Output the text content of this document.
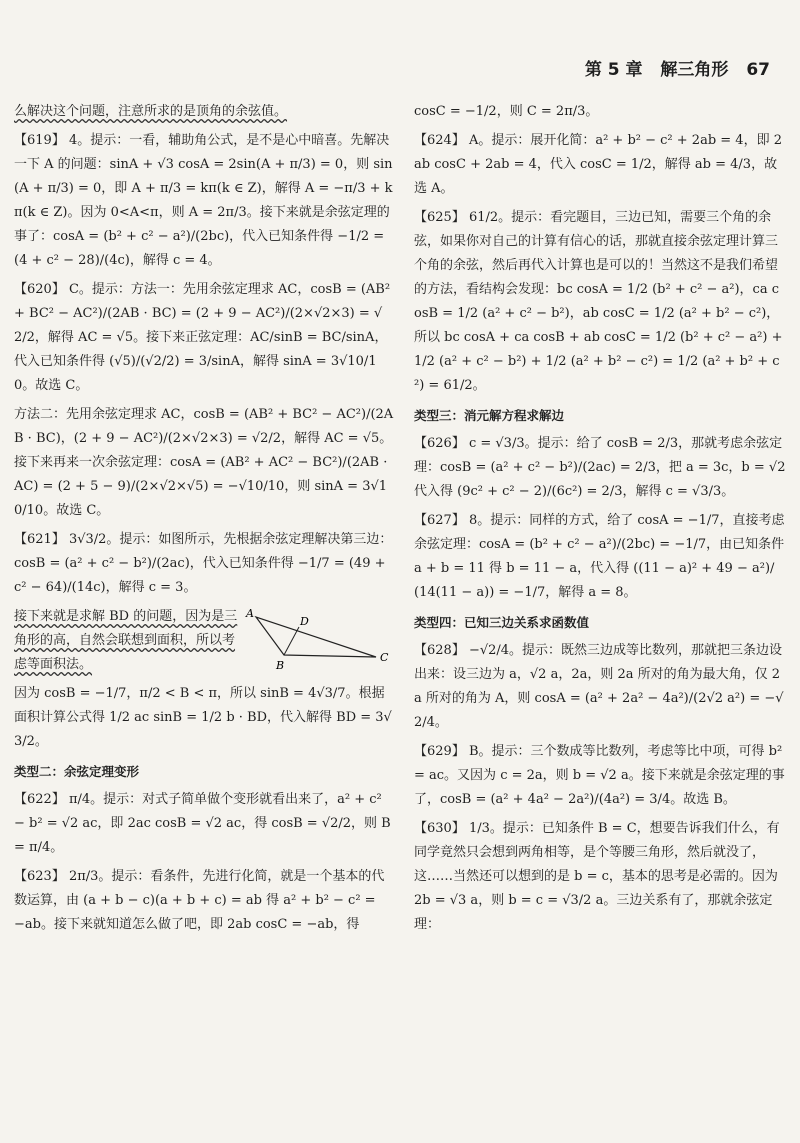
第 5 章 解三角形 67

么解决这个问题，注意所求的是顶角的余弦值。

【619】 4。提示：一看，辅助角公式，是不是心中暗喜。先解决一下 A 的问题：sinA + √3 cosA = 2sin(A + π/3) = 0，则 sin(A + π/3) = 0，即 A + π/3 = kπ(k ∈ Z)，解得 A = −π/3 + kπ(k ∈ Z)。因为 0<A<π，则 A = 2π/3。接下来就是余弦定理的事了：cosA = (b² + c² − a²)/(2bc)，代入已知条件得 −1/2 = (4 + c² − 28)/(4c)，解得 c = 4。

【620】 C。提示：方法一：先用余弦定理求 AC，cosB = (AB² + BC² − AC²)/(2AB · BC) = (2 + 9 − AC²)/(2×√2×3) = √2/2，解得 AC = √5。接下来正弦定理：AC/sinB = BC/sinA，代入已知条件得 (√5)/(√2/2) = 3/sinA，解得 sinA = 3√10/10。故选 C。

方法二：先用余弦定理求 AC，cosB = (AB² + BC² − AC²)/(2AB · BC)，(2 + 9 − AC²)/(2×√2×3) = √2/2，解得 AC = √5。接下来再来一次余弦定理：cosA = (AB² + AC² − BC²)/(2AB · AC) = (2 + 5 − 9)/(2×√2×√5) = −√10/10，则 sinA = 3√10/10。故选 C。

【621】 3√3/2。提示：如图所示，先根据余弦定理解决第三边：cosB = (a² + c² − b²)/(2ac)，代入已知条件得 −1/7 = (49 + c² − 64)/(14c)，解得 c = 3。

A
D
B
C

接下来就是求解 BD 的问题，因为是三角形的高，自然会联想到面积，所以考虑等面积法。

因为 cosB = −1/7，π/2 < B < π，所以 sinB = 4√3/7。根据面积计算公式得 1/2 ac sinB = 1/2 b · BD，代入解得 BD = 3√3/2。

类型二：余弦定理变形

【622】 π/4。提示：对式子简单做个变形就看出来了，a² + c² − b² = √2 ac，即 2ac cosB = √2 ac，得 cosB = √2/2，则 B = π/4。

【623】 2π/3。提示：看条件，先进行化简，就是一个基本的代数运算，由 (a + b − c)(a + b + c) = ab 得 a² + b² − c² = −ab。接下来就知道怎么做了吧，即 2ab cosC = −ab，得

cosC = −1/2，则 C = 2π/3。

【624】 A。提示：展开化简：a² + b² − c² + 2ab = 4，即 2ab cosC + 2ab = 4，代入 cosC = 1/2，解得 ab = 4/3，故选 A。

【625】 61/2。提示：看完题目，三边已知，需要三个角的余弦，如果你对自己的计算有信心的话，那就直接余弦定理计算三个角的余弦，然后再代入计算也是可以的！当然这不是我们希望的方法，看结构会发现：bc cosA = 1/2 (b² + c² − a²)，ca cosB = 1/2 (a² + c² − b²)，ab cosC = 1/2 (a² + b² − c²)，所以 bc cosA + ca cosB + ab cosC = 1/2 (b² + c² − a²) + 1/2 (a² + c² − b²) + 1/2 (a² + b² − c²) = 1/2 (a² + b² + c²) = 61/2。

类型三：消元解方程求解边

【626】 c = √3/3。提示：给了 cosB = 2/3，那就考虑余弦定理：cosB = (a² + c² − b²)/(2ac) = 2/3，把 a = 3c，b = √2 代入得 (9c² + c² − 2)/(6c²) = 2/3，解得 c = √3/3。

【627】 8。提示：同样的方式，给了 cosA = −1/7，直接考虑余弦定理：cosA = (b² + c² − a²)/(2bc) = −1/7，由已知条件 a + b = 11 得 b = 11 − a，代入得 ((11 − a)² + 49 − a²)/(14(11 − a)) = −1/7，解得 a = 8。

类型四：已知三边关系求函数值

【628】 −√2/4。提示：既然三边成等比数列，那就把三条边设出来：设三边为 a，√2 a，2a，则 2a 所对的角为最大角，仅 2a 所对的角为 A，则 cosA = (a² + 2a² − 4a²)/(2√2 a²) = −√2/4。

【629】 B。提示：三个数成等比数列，考虑等比中项，可得 b² = ac。又因为 c = 2a，则 b = √2 a。接下来就是余弦定理的事了，cosB = (a² + 4a² − 2a²)/(4a²) = 3/4。故选 B。

【630】 1/3。提示：已知条件 B = C，想要告诉我们什么，有同学竟然只会想到两角相等，是个等腰三角形，然后就没了，这……当然还可以想到的是 b = c，基本的思考是必需的。因为 2b = √3 a，则 b = c = √3/2 a。三边关系有了，那就余弦定理：
